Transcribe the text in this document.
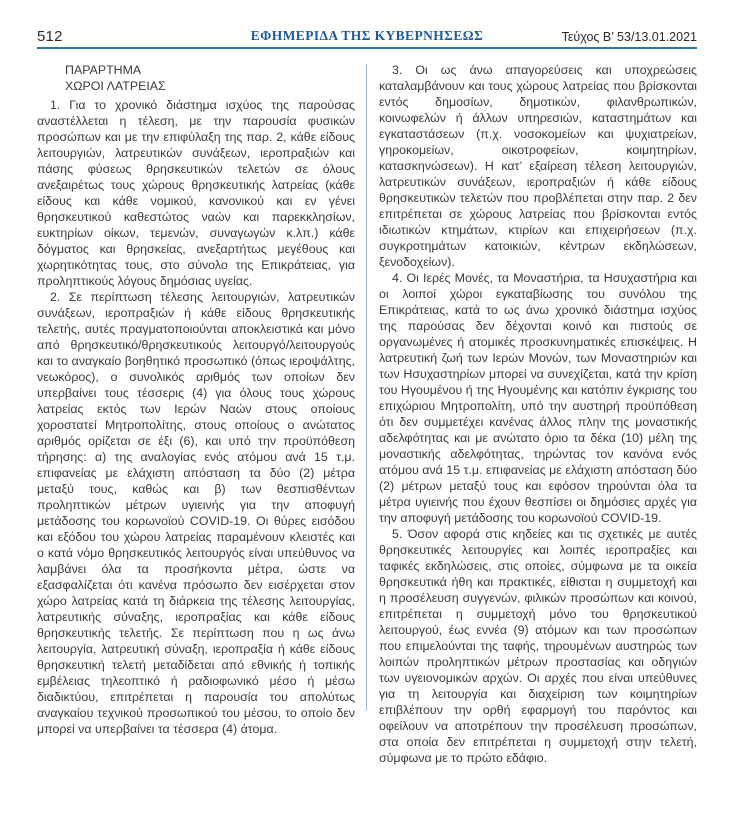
512	ΕΦΗΜΕΡΙΔΑ ΤΗΣ ΚΥΒΕΡΝΗΣΕΩΣ	Τεύχος Β’ 53/13.01.2021
ΠΑΡΑΡΤΗΜΑ
ΧΩΡΟΙ ΛΑΤΡΕΙΑΣ

1. Για το χρονικό διάστημα ισχύος της παρούσας αναστέλλεται η τέλεση, με την παρουσία φυσικών προσώπων και με την επιφύλαξη της παρ. 2, κάθε είδους λειτουργιών, λατρευτικών συνάξεων, ιεροπραξιών και πάσης φύσεως θρησκευτικών τελετών σε όλους ανεξαιρέτως τους χώρους θρησκευτικής λατρείας (κάθε είδους και κάθε νομικού, κανονικού και εν γένει θρησκευτικού καθεστώτος ναών και παρεκκλησίων, ευκτηρίων οίκων, τεμενών, συναγωγών κ.λπ.) κάθε δόγματος και θρησκείας, ανεξαρτήτως μεγέθους και χωρητικότητας τους, στο σύνολο της Επικράτειας, για προληπτικούς λόγους δημόσιας υγείας.

2. Σε περίπτωση τέλεσης λειτουργιών, λατρευτικών συνάξεων, ιεροπραξιών ή κάθε είδους θρησκευτικής τελετής, αυτές πραγματοποιούνται αποκλειστικά και μόνο από θρησκευτικό/θρησκευτικούς λειτουργό/λειτουργούς και το αναγκαίο βοηθητικό προσωπικό (όπως ιεροψάλτης, νεωκόρος), ο συνολικός αριθμός των οποίων δεν υπερβαίνει τους τέσσερις (4) για όλους τους χώρους λατρείας εκτός των Ιερών Ναών στους οποίους χοροστατεί Μητροπολίτης, στους οποίους ο ανώτατος αριθμός ορίζεται σε έξι (6), και υπό την προϋπόθεση τήρησης: α) της αναλογίας ενός ατόμου ανά 15 τ.μ. επιφανείας με ελάχιστη απόσταση τα δύο (2) μέτρα μεταξύ τους, καθώς και β) των θεσπισθέντων προληπτικών μέτρων υγιεινής για την αποφυγή μετάδοσης του κορωνοϊού COVID-19. Οι θύρες εισόδου και εξόδου του χώρου λατρείας παραμένουν κλειστές και ο κατά νόμο θρησκευτικός λειτουργός είναι υπεύθυνος να λαμβάνει όλα τα προσήκοντα μέτρα, ώστε να εξασφαλίζεται ότι κανένα πρόσωπο δεν εισέρχεται στον χώρο λατρείας κατά τη διάρκεια της τέλεσης λειτουργίας, λατρευτικής σύναξης, ιεροπραξίας και κάθε είδους θρησκευτικής τελετής. Σε περίπτωση που η ως άνω λειτουργία, λατρευτική σύναξη, ιεροπραξία ή κάθε είδους θρησκευτική τελετή μεταδίδεται από εθνικής ή τοπικής εμβέλειας τηλεοπτικό ή ραδιοφωνικό μέσο ή μέσω διαδικτύου, επιτρέπεται η παρουσία του απολύτως αναγκαίου τεχνικού προσωπικού του μέσου, το οποίο δεν μπορεί να υπερβαίνει τα τέσσερα (4) άτομα.

3. Οι ως άνω απαγορεύσεις και υποχρεώσεις καταλαμβάνουν και τους χώρους λατρείας που βρίσκονται εντός δημοσίων, δημοτικών, φιλανθρωπικών, κοινωφελών ή άλλων υπηρεσιών, καταστημάτων και εγκαταστάσεων (π.χ. νοσοκομείων και ψυχιατρείων, γηροκομείων, οικοτροφείων, κοιμητηρίων, κατασκηνώσεων). Η κατ’ εξαίρεση τέλεση λειτουργιών, λατρευτικών συνάξεων, ιεροπραξιών ή κάθε είδους θρησκευτικών τελετών που προβλέπεται στην παρ. 2 δεν επιτρέπεται σε χώρους λατρείας που βρίσκονται εντός ιδιωτικών κτημάτων, κτιρίων και επιχειρήσεων (π.χ. συγκροτημάτων κατοικιών, κέντρων εκδηλώσεων, ξενοδοχείων).

4. Οι Ιερές Μονές, τα Μοναστήρια, τα Ησυχαστήρια και οι λοιποί χώροι εγκαταβίωσης του συνόλου της Επικράτειας, κατά το ως άνω χρονικό διάστημα ισχύος της παρούσας δεν δέχονται κοινό και πιστούς σε οργανωμένες ή ατομικές προσκυνηματικές επισκέψεις. Η λατρευτική ζωή των Ιερών Μονών, των Μοναστηριών και των Ησυχαστηρίων μπορεί να συνεχίζεται, κατά την κρίση του Ηγουμένου ή της Ηγουμένης και κατόπιν έγκρισης του επιχώριου Μητροπολίτη, υπό την αυστηρή προϋπόθεση ότι δεν συμμετέχει κανένας άλλος πλην της μοναστικής αδελφότητας και με ανώτατο όριο τα δέκα (10) μέλη της μοναστικής αδελφότητας, τηρώντας τον κανόνα ενός ατόμου ανά 15 τ.μ. επιφανείας με ελάχιστη απόσταση δύο (2) μέτρων μεταξύ τους και εφόσον τηρούνται όλα τα μέτρα υγιεινής που έχουν θεσπίσει οι δημόσιες αρχές για την αποφυγή μετάδοσης του κορωνοϊού COVID-19.

5. Όσον αφορά στις κηδείες και τις σχετικές με αυτές θρησκευτικές λειτουργίες και λοιπές ιεροπραξίες και ταφικές εκδηλώσεις, στις οποίες, σύμφωνα με τα οικεία θρησκευτικά ήθη και πρακτικές, είθισται η συμμετοχή και η προσέλευση συγγενών, φιλικών προσώπων και κοινού, επιτρέπεται η συμμετοχή μόνο του θρησκευτικού λειτουργού, έως εννέα (9) ατόμων και των προσώπων που επιμελούνται της ταφής, τηρουμένων αυστηρώς των λοιπών προληπτικών μέτρων προστασίας και οδηγιών των υγειονομικών αρχών. Οι αρχές που είναι υπεύθυνες για τη λειτουργία και διαχείριση των κοιμητηρίων επιβλέπουν την ορθή εφαρμογή του παρόντος και οφείλουν να αποτρέπουν την προσέλευση προσώπων, στα οποία δεν επιτρέπεται η συμμετοχή στην τελετή, σύμφωνα με το πρώτο εδάφιο.
